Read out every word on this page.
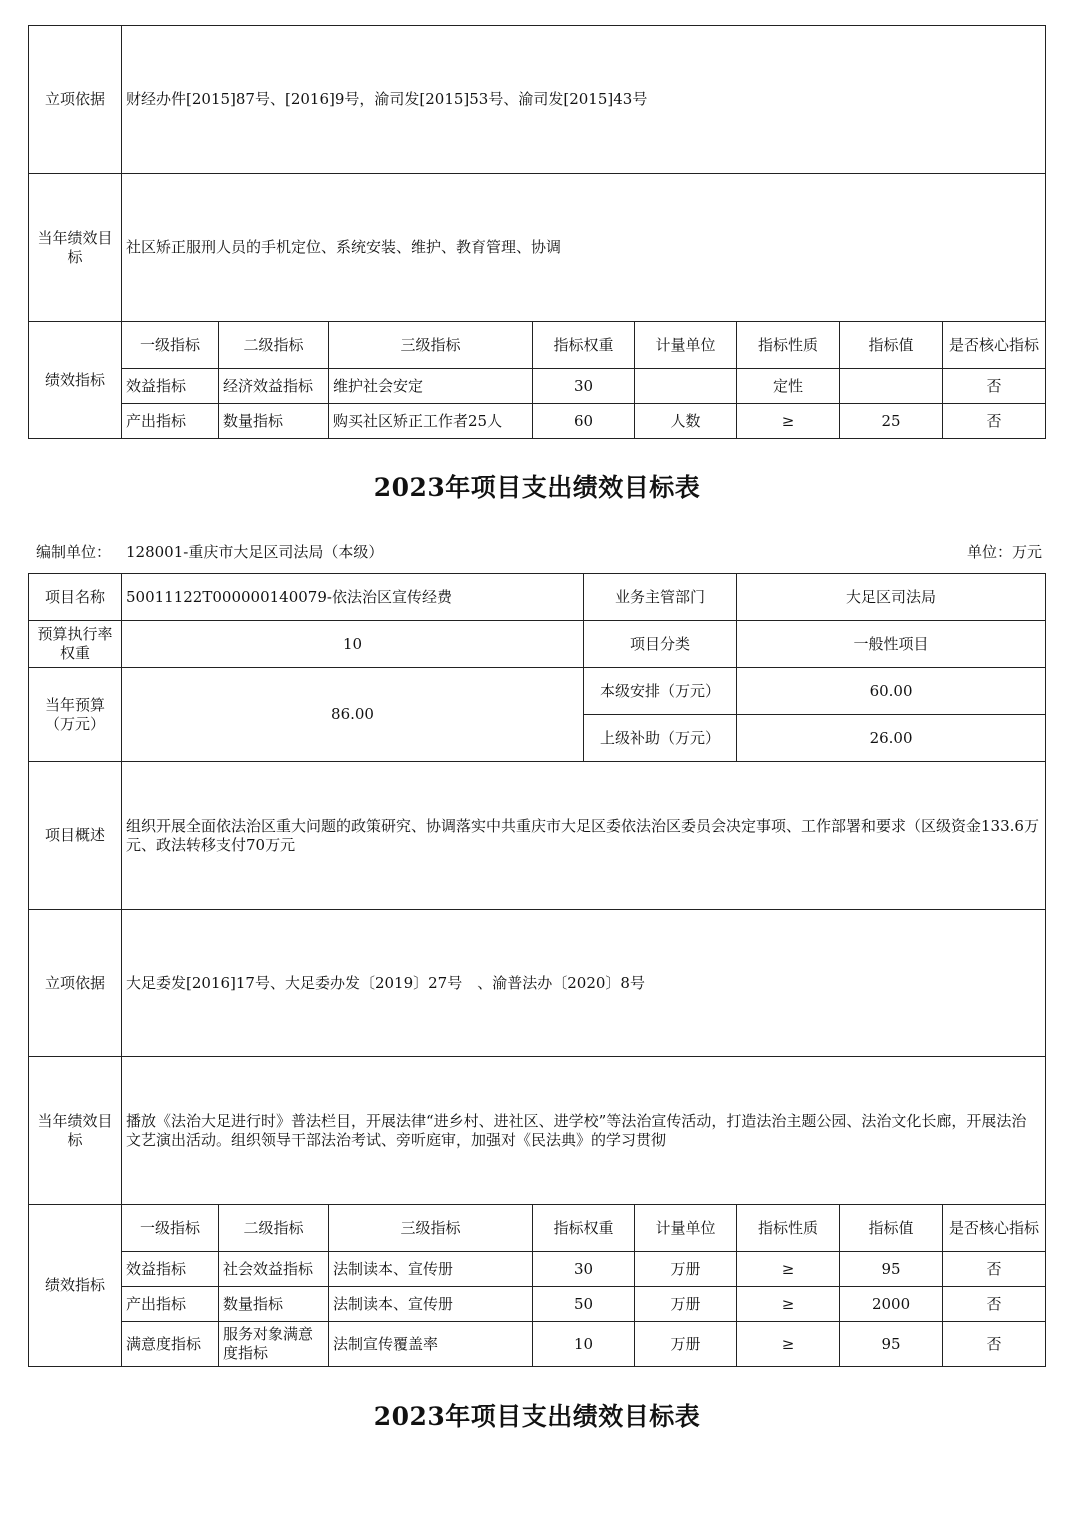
立项依据	财经办件[2015]87号、[2016]9号，渝司发[2015]53号、渝司发[2015]43号							
当年绩效目标	社区矫正服刑人员的手机定位、系统安装、维护、教育管理、协调							
绩效指标	一级指标	二级指标	三级指标	指标权重	计量单位	指标性质	指标值	是否核心指标
	效益指标	经济效益指标	维护社会安定	30		定性		否
	产出指标	数量指标	购买社区矫正工作者25人	60	人数	≥	25	否
2023年项目支出绩效目标表
编制单位： 128001-重庆市大足区司法局（本级）	单位：万元
项目名称	50011122T000000140079-依法治区宣传经费				业务主管部门		大足区司法局		
预算执行率权重	10				项目分类		一般性项目		
当年预算（万元）	86.00				本级安排（万元）		60.00		
					上级补助（万元）		26.00		
项目概述	组织开展全面依法治区重大问题的政策研究、协调落实中共重庆市大足区委依法治区委员会决定事项、工作部署和要求（区级资金133.6万元、政法转移支付70万元								
立项依据	大足委发[2016]17号、大足委办发〔2019〕27号　、渝普法办〔2020〕8号								
当年绩效目标	播放《法治大足进行时》普法栏目，开展法律“进乡村、进社区、进学校”等法治宣传活动，打造法治主题公园、法治文化长廊，开展法治文艺演出活动。组织领导干部法治考试、旁听庭审，加强对《民法典》的学习贯彻								
绩效指标	一级指标	二级指标	三级指标	指标权重		计量单位	指标性质	指标值	是否核心指标
	效益指标	社会效益指标	法制读本、宣传册	30		万册	≥	95	否
	产出指标	数量指标	法制读本、宣传册	50		万册	≥	2000	否
	满意度指标	服务对象满意度指标	法制宣传覆盖率	10		万册	≥	95	否
2023年项目支出绩效目标表
